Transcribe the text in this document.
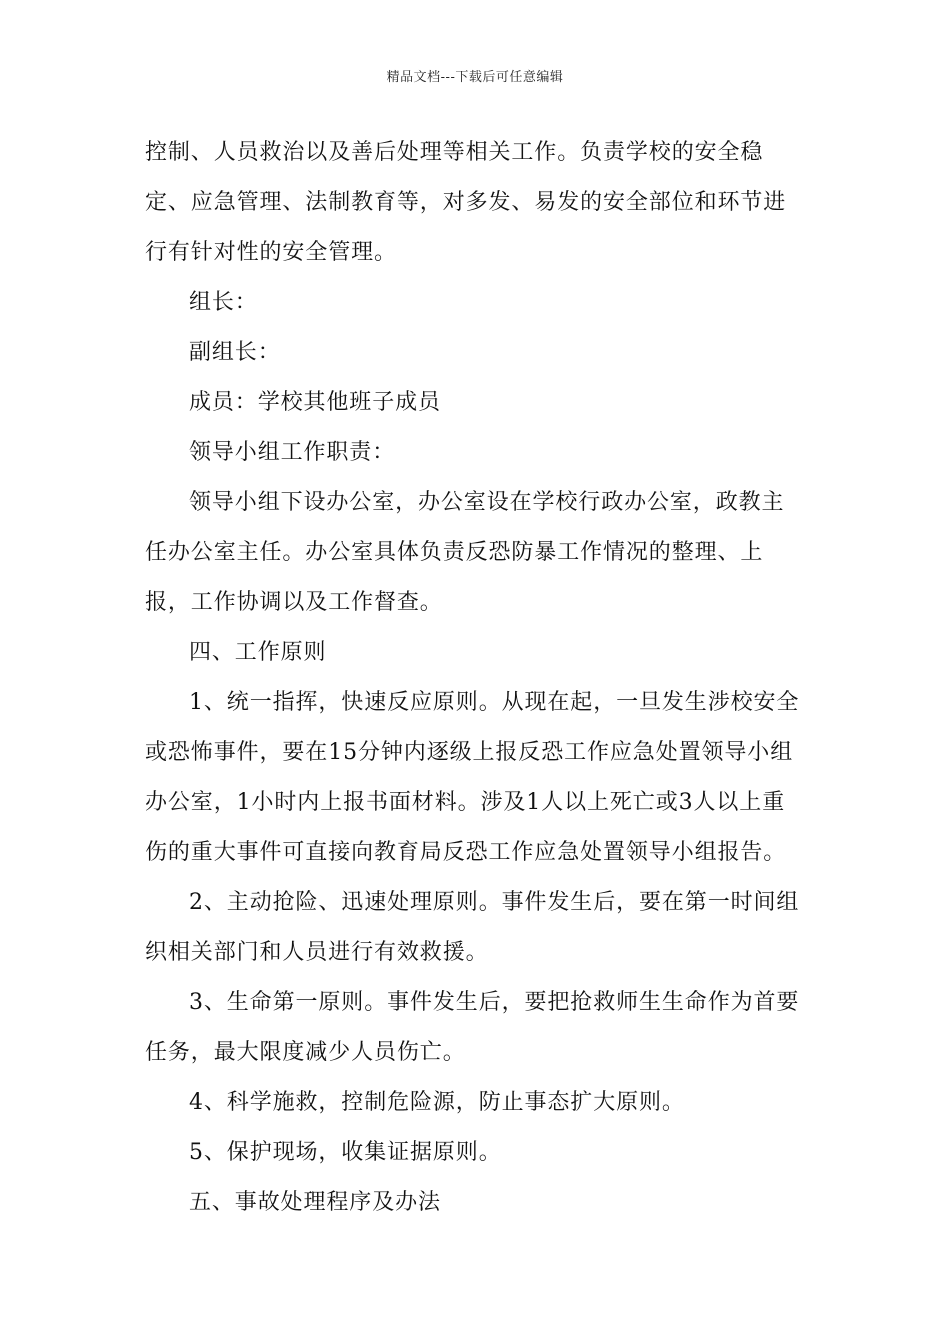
精品文档---下载后可任意编辑

控制、人员救治以及善后处理等相关工作。负责学校的安全稳定、应急管理、法制教育等，对多发、易发的安全部位和环节进行有针对性的安全管理。

组长：

副组长：

成员：学校其他班子成员

领导小组工作职责：

领导小组下设办公室，办公室设在学校行政办公室，政教主任办公室主任。办公室具体负责反恐防暴工作情况的整理、上报，工作协调以及工作督查。

四、工作原则

1、统一指挥，快速反应原则。从现在起，一旦发生涉校安全或恐怖事件，要在15分钟内逐级上报反恐工作应急处置领导小组办公室，1小时内上报书面材料。涉及1人以上死亡或3人以上重伤的重大事件可直接向教育局反恐工作应急处置领导小组报告。

2、主动抢险、迅速处理原则。事件发生后，要在第一时间组织相关部门和人员进行有效救援。

3、生命第一原则。事件发生后，要把抢救师生生命作为首要任务，最大限度减少人员伤亡。

4、科学施救，控制危险源，防止事态扩大原则。

5、保护现场，收集证据原则。

五、事故处理程序及办法
